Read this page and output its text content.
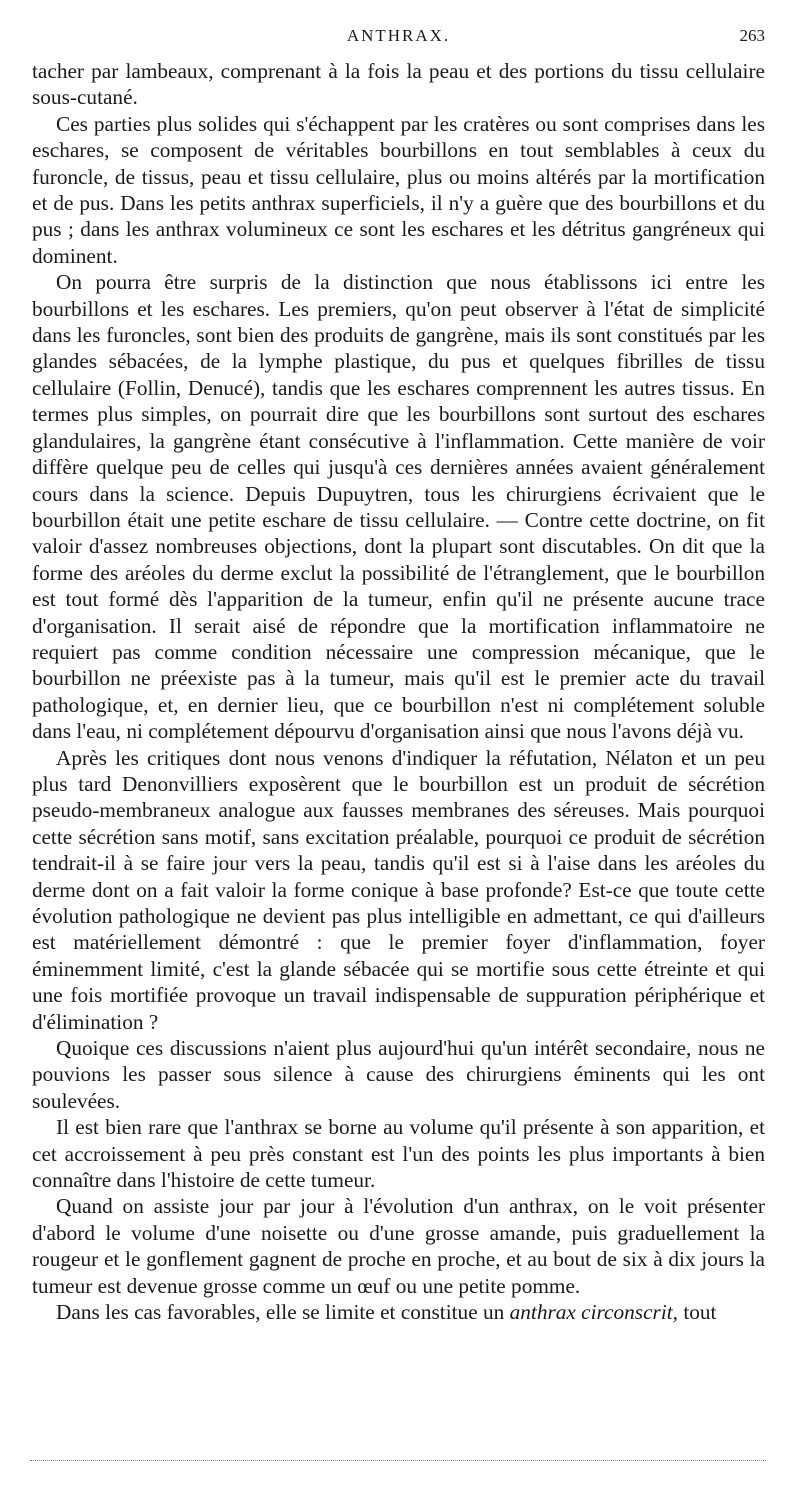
ANTHRAX.	263

tacher par lambeaux, comprenant à la fois la peau et des portions du tissu cellulaire sous-cutané.

Ces parties plus solides qui s'échappent par les cratères ou sont comprises dans les eschares, se composent de véritables bourbillons en tout semblables à ceux du furoncle, de tissus, peau et tissu cellulaire, plus ou moins altérés par la mortification et de pus. Dans les petits anthrax superficiels, il n'y a guère que des bourbillons et du pus ; dans les anthrax volumineux ce sont les eschares et les détritus gangréneux qui dominent.

On pourra être surpris de la distinction que nous établissons ici entre les bourbillons et les eschares. Les premiers, qu'on peut observer à l'état de simplicité dans les furoncles, sont bien des produits de gangrène, mais ils sont constitués par les glandes sébacées, de la lymphe plastique, du pus et quelques fibrilles de tissu cellulaire (Follin, Denucé), tandis que les eschares comprennent les autres tissus. En termes plus simples, on pourrait dire que les bourbillons sont surtout des eschares glandulaires, la gangrène étant consécutive à l'inflammation. Cette manière de voir diffère quelque peu de celles qui jusqu'à ces dernières années avaient généralement cours dans la science. Depuis Dupuytren, tous les chirurgiens écrivaient que le bourbillon était une petite eschare de tissu cellulaire. — Contre cette doctrine, on fit valoir d'assez nombreuses objections, dont la plupart sont discutables. On dit que la forme des aréoles du derme exclut la possibilité de l'étranglement, que le bourbillon est tout formé dès l'apparition de la tumeur, enfin qu'il ne présente aucune trace d'organisation. Il serait aisé de répondre que la mortification inflammatoire ne requiert pas comme condition nécessaire une compression mécanique, que le bourbillon ne préexiste pas à la tumeur, mais qu'il est le premier acte du travail pathologique, et, en dernier lieu, que ce bourbillon n'est ni complétement soluble dans l'eau, ni complétement dépourvu d'organisation ainsi que nous l'avons déjà vu.

Après les critiques dont nous venons d'indiquer la réfutation, Nélaton et un peu plus tard Denonvilliers exposèrent que le bourbillon est un produit de sécrétion pseudo-membraneux analogue aux fausses membranes des séreuses. Mais pourquoi cette sécrétion sans motif, sans excitation préalable, pourquoi ce produit de sécrétion tendrait-il à se faire jour vers la peau, tandis qu'il est si à l'aise dans les aréoles du derme dont on a fait valoir la forme conique à base profonde? Est-ce que toute cette évolution pathologique ne devient pas plus intelligible en admettant, ce qui d'ailleurs est matériellement démontré : que le premier foyer d'inflammation, foyer éminemment limité, c'est la glande sébacée qui se mortifie sous cette étreinte et qui une fois mortifiée provoque un travail indispensable de suppuration périphérique et d'élimination ?

Quoique ces discussions n'aient plus aujourd'hui qu'un intérêt secondaire, nous ne pouvions les passer sous silence à cause des chirurgiens éminents qui les ont soulevées.

Il est bien rare que l'anthrax se borne au volume qu'il présente à son apparition, et cet accroissement à peu près constant est l'un des points les plus importants à bien connaître dans l'histoire de cette tumeur.

Quand on assiste jour par jour à l'évolution d'un anthrax, on le voit présenter d'abord le volume d'une noisette ou d'une grosse amande, puis graduellement la rougeur et le gonflement gagnent de proche en proche, et au bout de six à dix jours la tumeur est devenue grosse comme un œuf ou une petite pomme.

Dans les cas favorables, elle se limite et constitue un anthrax circonscrit, tout
